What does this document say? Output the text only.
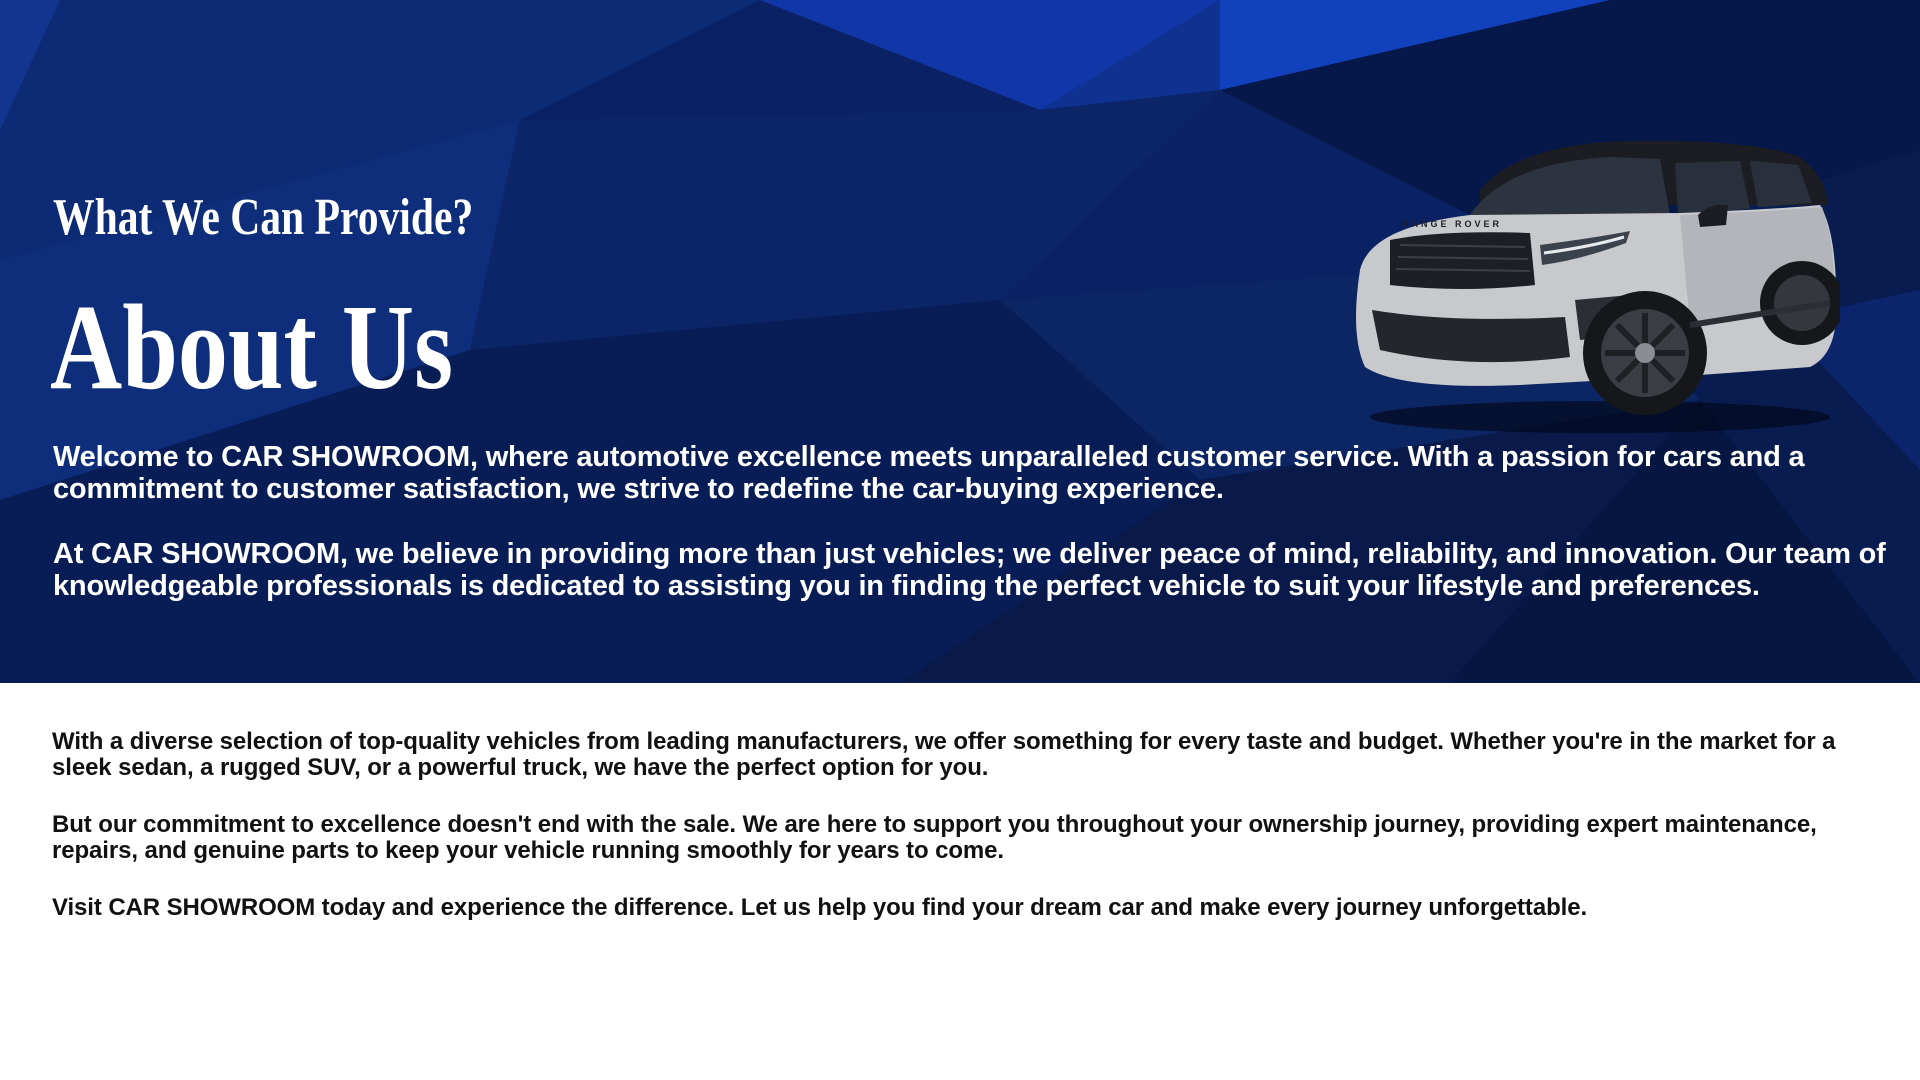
What We Can Provide?
About Us
RANGE ROVER

Welcome to CAR SHOWROOM, where automotive excellence meets unparalleled customer service. With a passion for cars and a commitment to customer satisfaction, we strive to redefine the car-buying experience.

At CAR SHOWROOM, we believe in providing more than just vehicles; we deliver peace of mind, reliability, and innovation. Our team of knowledgeable professionals is dedicated to assisting you in finding the perfect vehicle to suit your lifestyle and preferences.

With a diverse selection of top-quality vehicles from leading manufacturers, we offer something for every taste and budget. Whether you're in the market for a sleek sedan, a rugged SUV, or a powerful truck, we have the perfect option for you.

But our commitment to excellence doesn't end with the sale. We are here to support you throughout your ownership journey, providing expert maintenance, repairs, and genuine parts to keep your vehicle running smoothly for years to come.

Visit CAR SHOWROOM today and experience the difference. Let us help you find your dream car and make every journey unforgettable.
